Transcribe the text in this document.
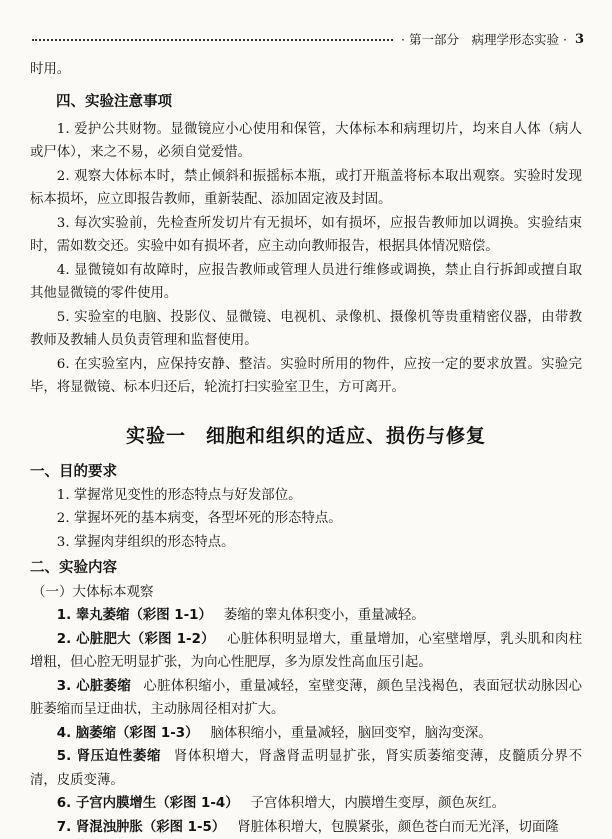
· 第一部分　病理学形态实验 · 3
时用。
四、实验注意事项

1. 爱护公共财物。显微镜应小心使用和保管，大体标本和病理切片，均来自人体（病人或尸体），来之不易，必须自觉爱惜。

2. 观察大体标本时，禁止倾斜和振摇标本瓶，或打开瓶盖将标本取出观察。实验时发现标本损坏，应立即报告教师，重新装配、添加固定液及封固。

3. 每次实验前，先检查所发切片有无损坏，如有损坏，应报告教师加以调换。实验结束时，需如数交还。实验中如有损坏者，应主动向教师报告，根据具体情况赔偿。

4. 显微镜如有故障时，应报告教师或管理人员进行维修或调换，禁止自行拆卸或擅自取其他显微镜的零件使用。

5. 实验室的电脑、投影仪、显微镜、电视机、录像机、摄像机等贵重精密仪器，由带教教师及教辅人员负责管理和监督使用。

6. 在实验室内，应保持安静、整洁。实验时所用的物件，应按一定的要求放置。实验完毕，将显微镜、标本归还后，轮流打扫实验室卫生，方可离开。

实验一　细胞和组织的适应、损伤与修复
一、目的要求

1. 掌握常见变性的形态特点与好发部位。

2. 掌握坏死的基本病变，各型坏死的形态特点。

3. 掌握肉芽组织的形态特点。

二、实验内容
（一）大体标本观察

1. 睾丸萎缩（彩图 1-1） 萎缩的睾丸体积变小，重量减轻。

2. 心脏肥大（彩图 1-2） 心脏体积明显增大，重量增加，心室壁增厚，乳头肌和肉柱增粗，但心腔无明显扩张，为向心性肥厚，多为原发性高血压引起。

3. 心脏萎缩 心脏体积缩小，重量减轻，室壁变薄，颜色呈浅褐色，表面冠状动脉因心脏萎缩而呈迂曲状，主动脉周径相对扩大。

4. 脑萎缩（彩图 1-3） 脑体积缩小，重量减轻，脑回变窄，脑沟变深。

5. 肾压迫性萎缩 肾体积增大，肾盏肾盂明显扩张，肾实质萎缩变薄，皮髓质分界不清，皮质变薄。

6. 子宫内膜增生（彩图 1-4） 子宫体积增大，内膜增生变厚，颜色灰红。

7. 肾混浊肿胀（彩图 1-5） 肾脏体积增大，包膜紧张，颜色苍白而无光泽，切面隆
